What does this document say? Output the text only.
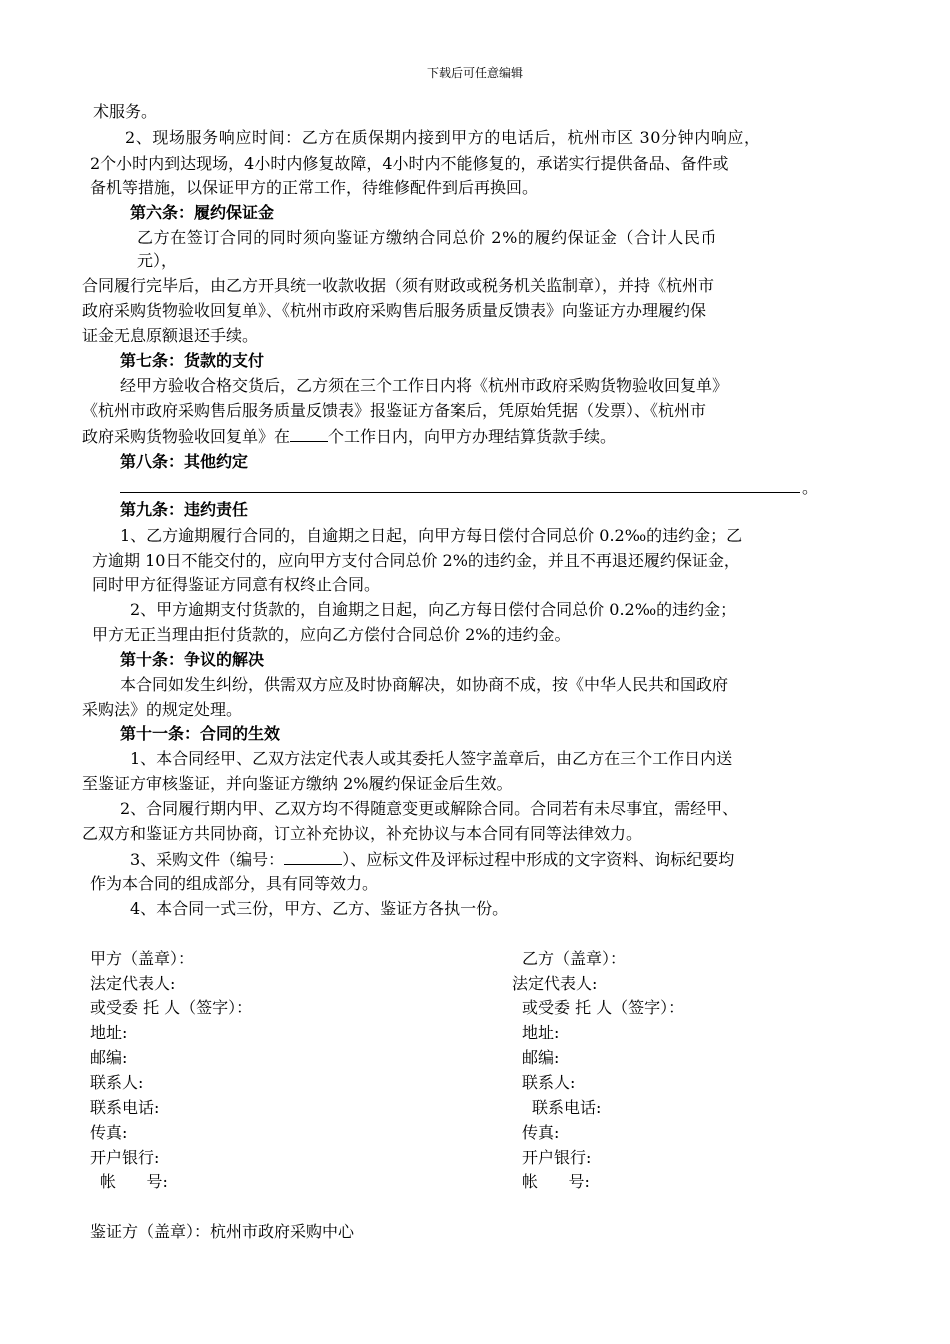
下载后可任意编辑
术服务。
2、现场服务响应时间：乙方在质保期内接到甲方的电话后，杭州市区 30分钟内响应，
2个小时内到达现场，4小时内修复故障，4小时内不能修复的，承诺实行提供备品、备件或
备机等措施，以保证甲方的正常工作，待维修配件到后再换回。
第六条：履约保证金
乙方在签订合同的同时须向鉴证方缴纳合同总价 2%的履约保证金（合计人民币
元），
合同履行完毕后，由乙方开具统一收款收据（须有财政或税务机关监制章），并持《杭州市
政府采购货物验收回复单》、《杭州市政府采购售后服务质量反馈表》向鉴证方办理履约保
证金无息原额退还手续。
第七条：货款的支付
经甲方验收合格交货后，乙方须在三个工作日内将《杭州市政府采购货物验收回复单》
《杭州市政府采购售后服务质量反馈表》报鉴证方备案后，凭原始凭据（发票）、《杭州市
政府采购货物验收回复单》在 个工作日内，向甲方办理结算货款手续。
第八条：其他约定
。
第九条：违约责任
1、乙方逾期履行合同的，自逾期之日起，向甲方每日偿付合同总价 0.2‰的违约金；乙
方逾期 10日不能交付的，应向甲方支付合同总价 2%的违约金，并且不再退还履约保证金，
同时甲方征得鉴证方同意有权终止合同。
2、甲方逾期支付货款的，自逾期之日起，向乙方每日偿付合同总价 0.2‰的违约金；
甲方无正当理由拒付货款的，应向乙方偿付合同总价 2%的违约金。
第十条：争议的解决
本合同如发生纠纷，供需双方应及时协商解决，如协商不成，按《中华人民共和国政府
采购法》的规定处理。
第十一条：合同的生效
1、本合同经甲、乙双方法定代表人或其委托人签字盖章后，由乙方在三个工作日内送
至鉴证方审核鉴证，并向鉴证方缴纳 2%履约保证金后生效。
2、合同履行期内甲、乙双方均不得随意变更或解除合同。合同若有未尽事宜，需经甲、
乙双方和鉴证方共同协商，订立补充协议，补充协议与本合同有同等法律效力。
3、采购文件（编号：	）、应标文件及评标过程中形成的文字资料、询标纪要均
作为本合同的组成部分，具有同等效力。
4、本合同一式三份，甲方、乙方、鉴证方各执一份。
甲方（盖章）：
法定代表人:
或受委 托 人（签字）：
地址:
邮编:
联系人:
联系电话:
传真:
开户银行:
帐      号:
乙方（盖章）：
法定代表人:
或受委 托 人（签字）：
地址:
邮编:
联系人:
联系电话:
传真:
开户银行:
帐      号:
鉴证方（盖章）：杭州市政府采购中心
